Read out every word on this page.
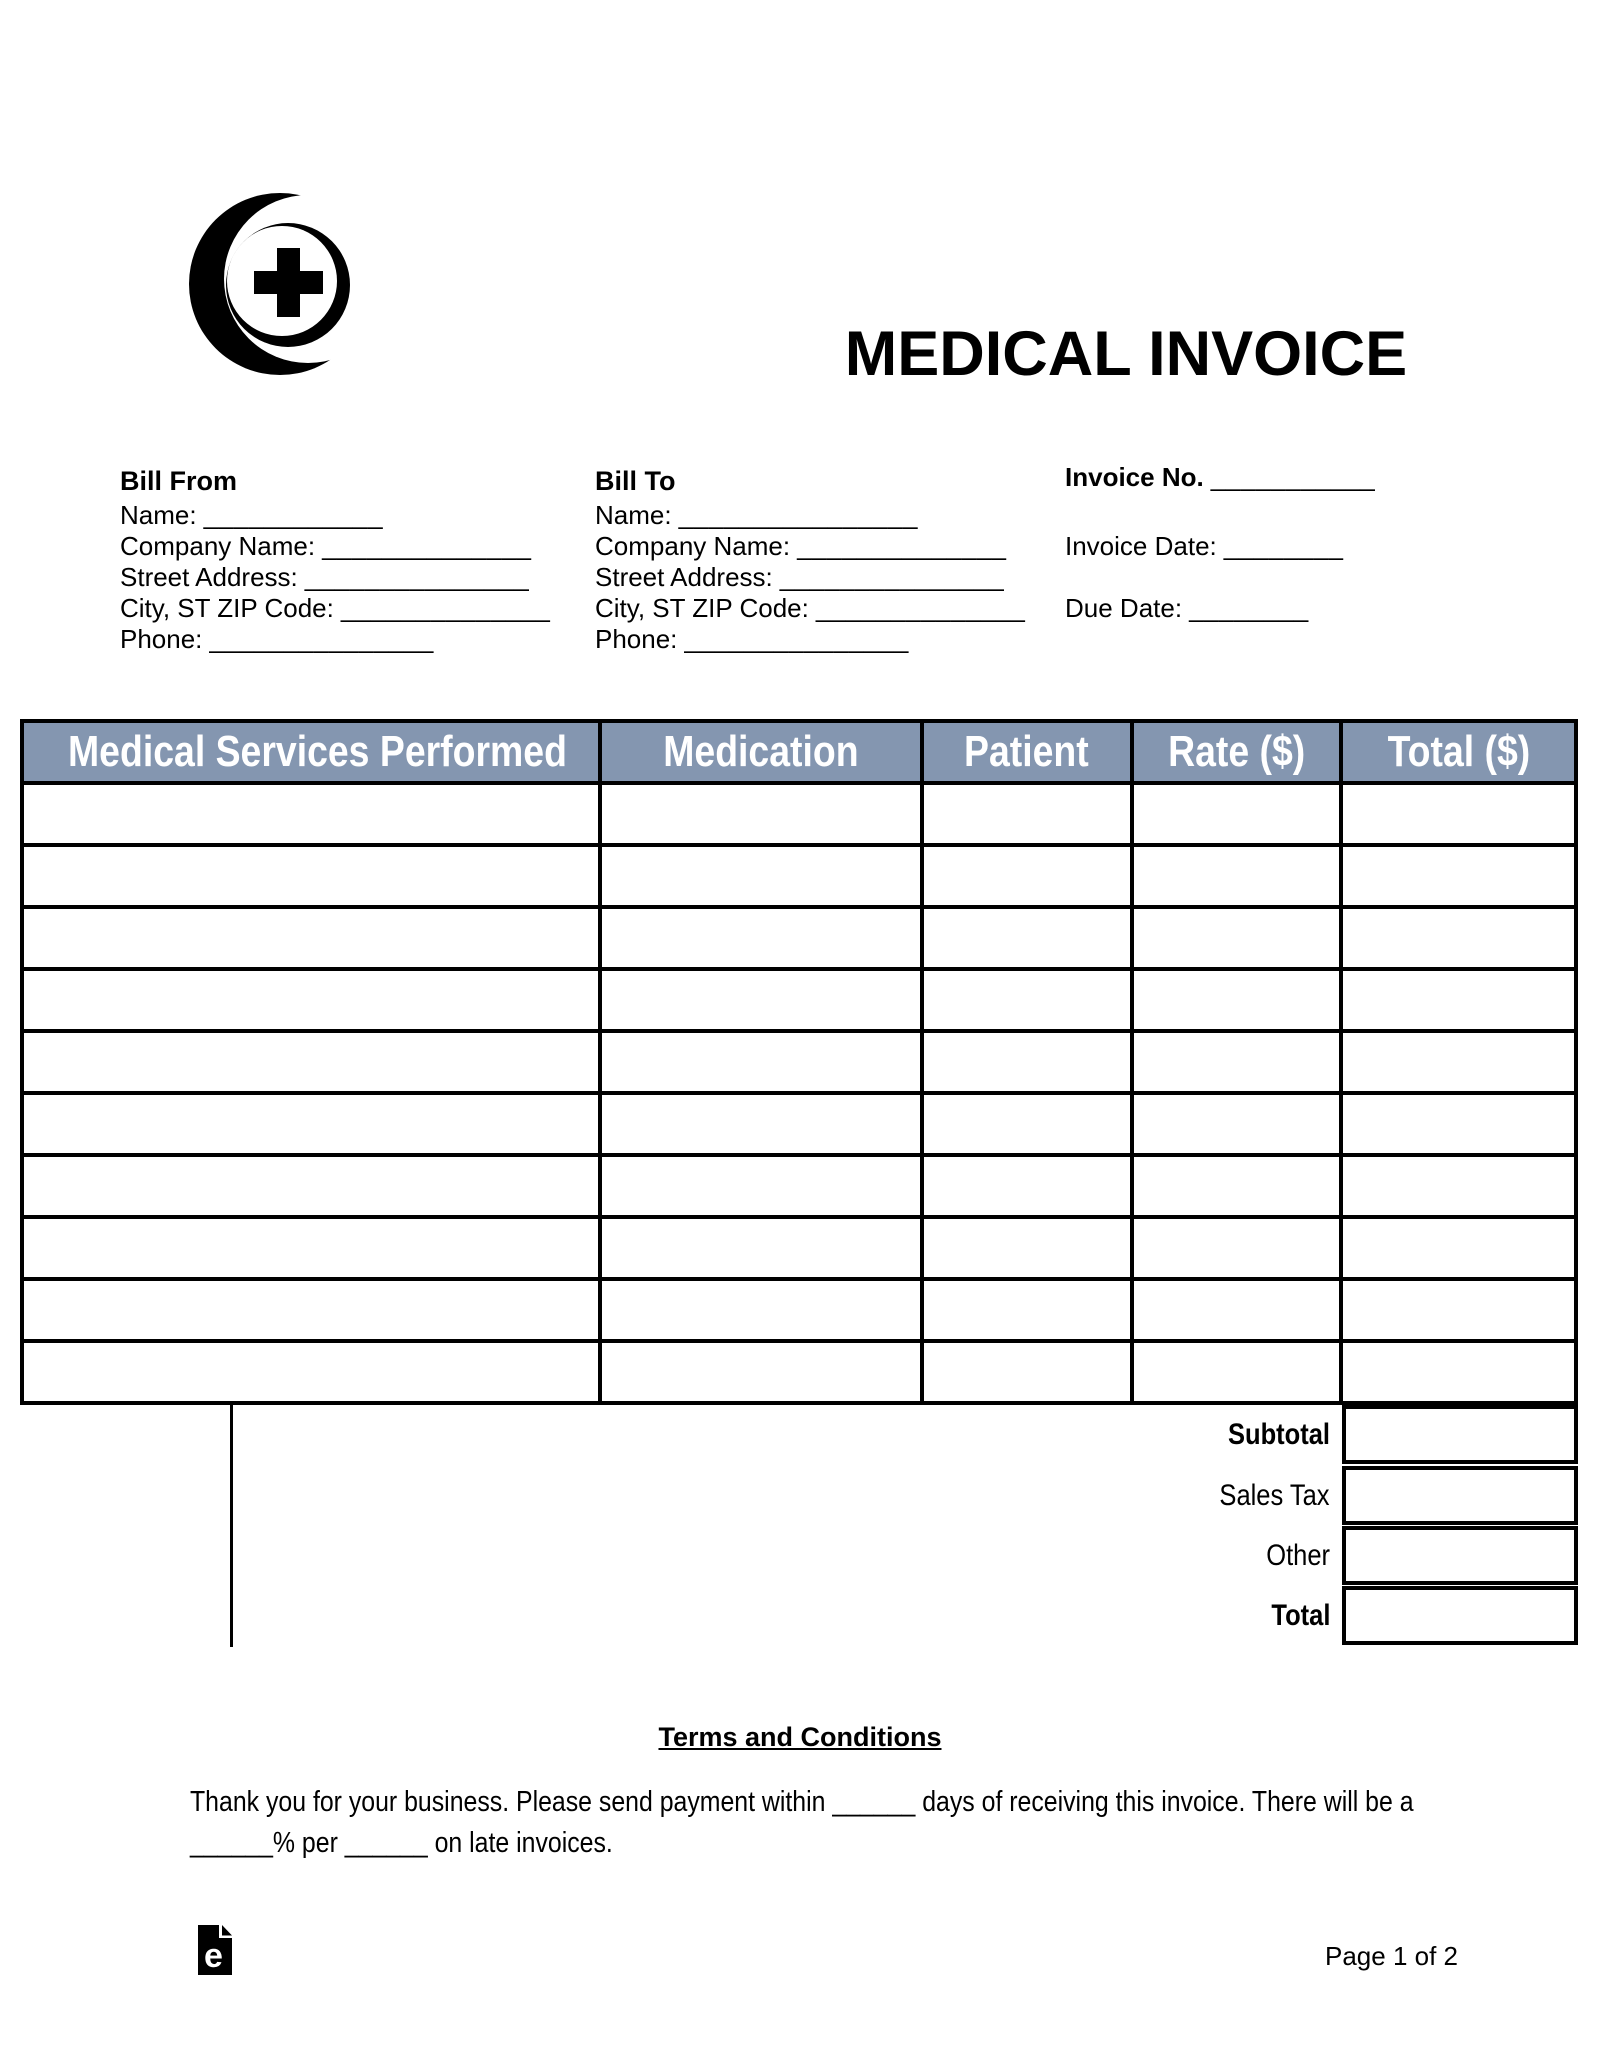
MEDICAL INVOICE
Bill From
Name: ____________
Company Name: ______________
Street Address: _______________
City, ST ZIP Code: ______________
Phone: _______________
Bill To
Name: ________________
Company Name: ______________
Street Address: _______________
City, ST ZIP Code: ______________
Phone: _______________
Invoice No. ___________
Invoice Date: ________
Due Date: ________
Medical Services Performed	Medication	Patient	Rate ($)	Total ($)

Subtotal
Sales Tax
Other
Total
Terms and Conditions
Thank you for your business. Please send payment within ______ days of receiving this invoice. There will be a ______% per ______ on late invoices.
e	Page 1 of 2
